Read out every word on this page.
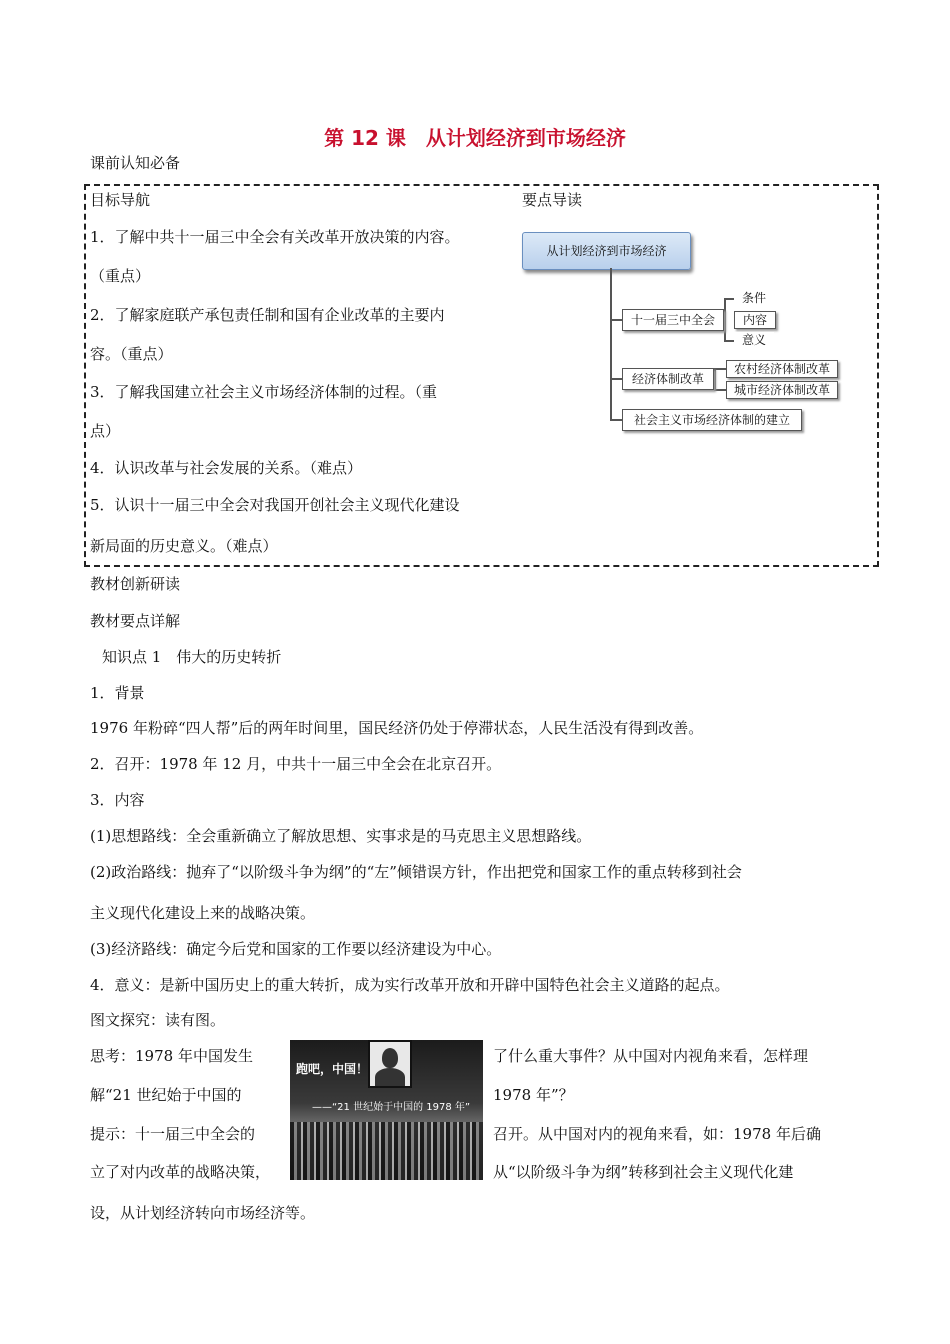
第 12 课　从计划经济到市场经济
课前认知必备
目标导航
1．了解中共十一届三中全会有关改革开放决策的内容。
（重点）
2．了解家庭联产承包责任制和国有企业改革的主要内
容。（重点）
3．了解我国建立社会主义市场经济体制的过程。（重
点）
4．认识改革与社会发展的关系。（难点）
5．认识十一届三中全会对我国开创社会主义现代化建设
新局面的历史意义。（难点）
要点导读
从计划经济到市场经济
十一届三中全会
条件
内容
意义
经济体制改革
农村经济体制改革
城市经济体制改革
社会主义市场经济体制的建立
教材创新研读
教材要点详解
知识点 1　伟大的历史转折
1．背景
1976 年粉碎“四人帮”后的两年时间里，国民经济仍处于停滞状态，人民生活没有得到改善。
2．召开：1978 年 12 月，中共十一届三中全会在北京召开。
3．内容
(1)思想路线：全会重新确立了解放思想、实事求是的马克思主义思想路线。
(2)政治路线：抛弃了“以阶级斗争为纲”的“左”倾错误方针，作出把党和国家工作的重点转移到社会
主义现代化建设上来的战略决策。
(3)经济路线：确定今后党和国家的工作要以经济建设为中心。
4．意义：是新中国历史上的重大转折，成为实行改革开放和开辟中国特色社会主义道路的起点。
图文探究：读有图。
思考：1978 年中国发生
解“21 世纪始于中国的
提示：十一届三中全会的
立了对内改革的战略决策，
跑吧，中国！
——“21 世纪始于中国的 1978 年”
了什么重大事件？从中国对内视角来看，怎样理
1978 年”？
召开。从中国对内的视角来看，如：1978 年后确
从“以阶级斗争为纲”转移到社会主义现代化建
设，从计划经济转向市场经济等。
